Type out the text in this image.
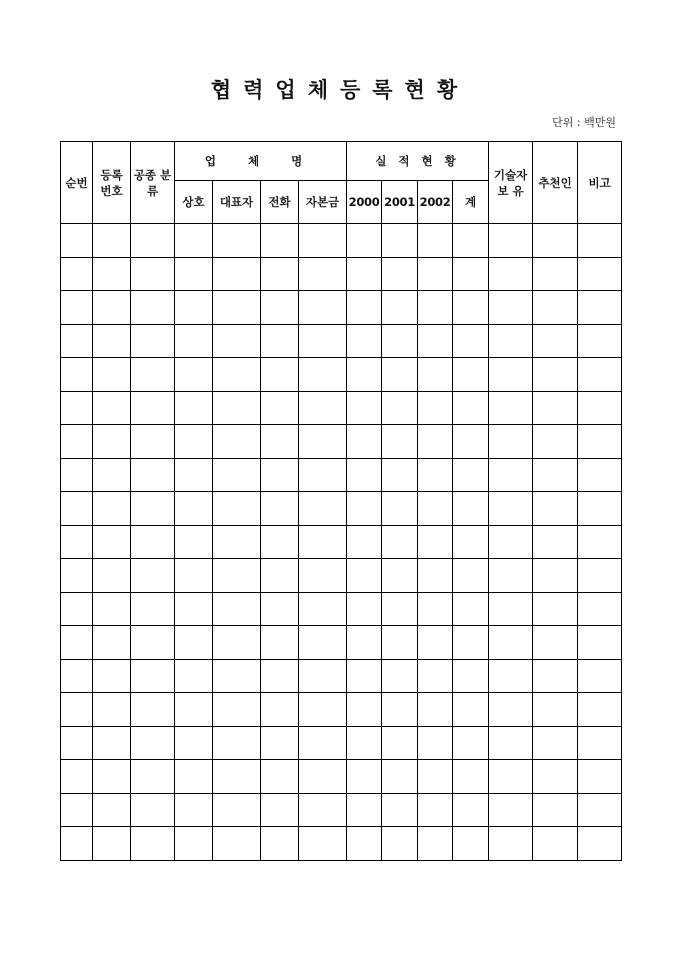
협력업체등록현황
단위 : 백만원
순번	등록 번호	공종 분류	업 체 명				실 적 현 황				기술자 보 유	추천인	비고
			상호	대표자	전화	자본금	2000	2001	2002	계			
